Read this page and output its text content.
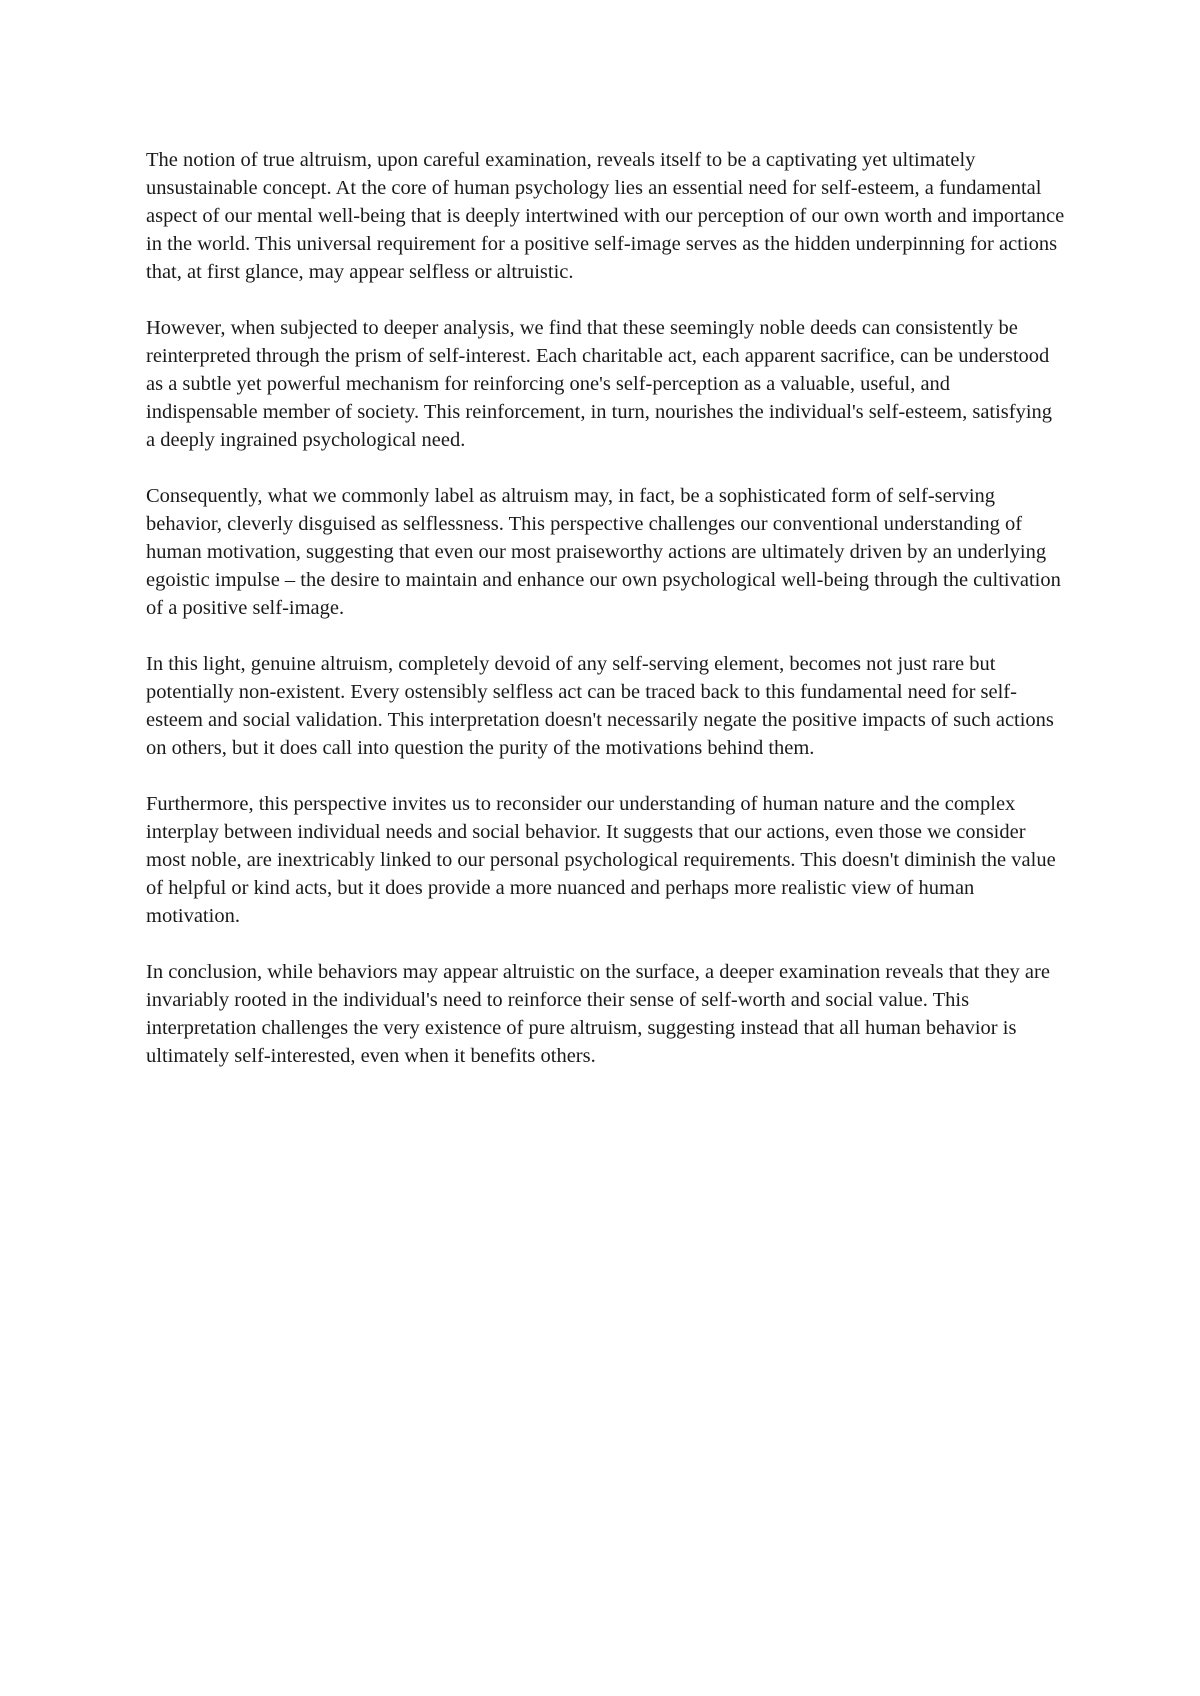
The notion of true altruism, upon careful examination, reveals itself to be a captivating yet ultimately unsustainable concept. At the core of human psychology lies an essential need for self-esteem, a fundamental aspect of our mental well-being that is deeply intertwined with our perception of our own worth and importance in the world. This universal requirement for a positive self-image serves as the hidden underpinning for actions that, at first glance, may appear selfless or altruistic.

However, when subjected to deeper analysis, we find that these seemingly noble deeds can consistently be reinterpreted through the prism of self-interest. Each charitable act, each apparent sacrifice, can be understood as a subtle yet powerful mechanism for reinforcing one's self-perception as a valuable, useful, and indispensable member of society. This reinforcement, in turn, nourishes the individual's self-esteem, satisfying a deeply ingrained psychological need.

Consequently, what we commonly label as altruism may, in fact, be a sophisticated form of self-serving behavior, cleverly disguised as selflessness. This perspective challenges our conventional understanding of human motivation, suggesting that even our most praiseworthy actions are ultimately driven by an underlying egoistic impulse – the desire to maintain and enhance our own psychological well-being through the cultivation of a positive self-image.

In this light, genuine altruism, completely devoid of any self-serving element, becomes not just rare but potentially non-existent. Every ostensibly selfless act can be traced back to this fundamental need for self-esteem and social validation. This interpretation doesn't necessarily negate the positive impacts of such actions on others, but it does call into question the purity of the motivations behind them.

Furthermore, this perspective invites us to reconsider our understanding of human nature and the complex interplay between individual needs and social behavior. It suggests that our actions, even those we consider most noble, are inextricably linked to our personal psychological requirements. This doesn't diminish the value of helpful or kind acts, but it does provide a more nuanced and perhaps more realistic view of human motivation.

In conclusion, while behaviors may appear altruistic on the surface, a deeper examination reveals that they are invariably rooted in the individual's need to reinforce their sense of self-worth and social value. This interpretation challenges the very existence of pure altruism, suggesting instead that all human behavior is ultimately self-interested, even when it benefits others.
